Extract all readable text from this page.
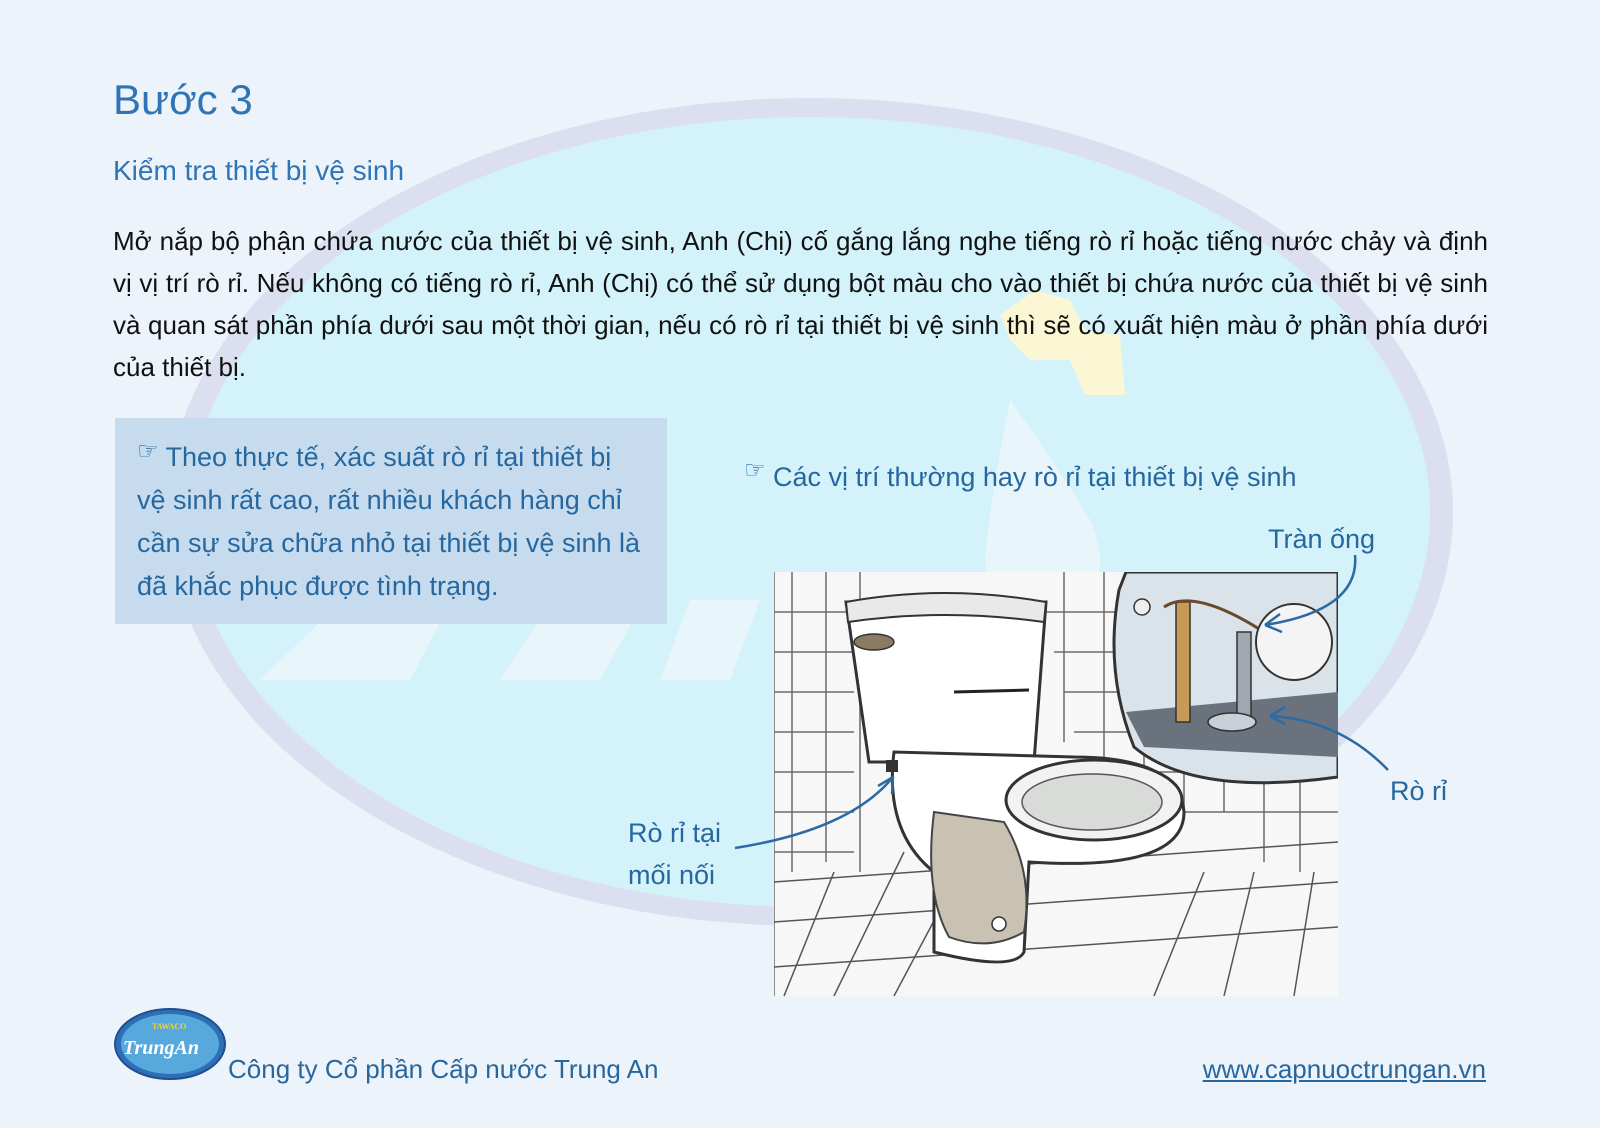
Bước 3
Kiểm tra thiết bị vệ sinh

Mở nắp bộ phận chứa nước của thiết bị vệ sinh, Anh (Chị) cố gắng lắng nghe tiếng rò rỉ hoặc tiếng nước chảy và định vị vị trí rò rỉ. Nếu không có tiếng rò rỉ, Anh (Chị) có thể sử dụng bột màu cho vào thiết bị chứa nước của thiết bị vệ sinh và quan sát phần phía dưới sau một thời gian, nếu có rò rỉ tại thiết bị vệ sinh thì sẽ có xuất hiện màu ở phần phía dưới của thiết bị.

☞ Theo thực tế, xác suất rò rỉ tại thiết bị vệ sinh rất cao, rất nhiều khách hàng chỉ cần sự sửa chữa nhỏ tại thiết bị vệ sinh là đã khắc phục được tình trạng.
☞ Các vị trí thường hay rò rỉ tại thiết bị vệ sinh
Tràn ống
Rò rỉ
Rò rỉ tại
mối nối
TAWACO
TrungAn
Công ty Cổ phần Cấp nước Trung An	www.capnuoctrungan.vn
